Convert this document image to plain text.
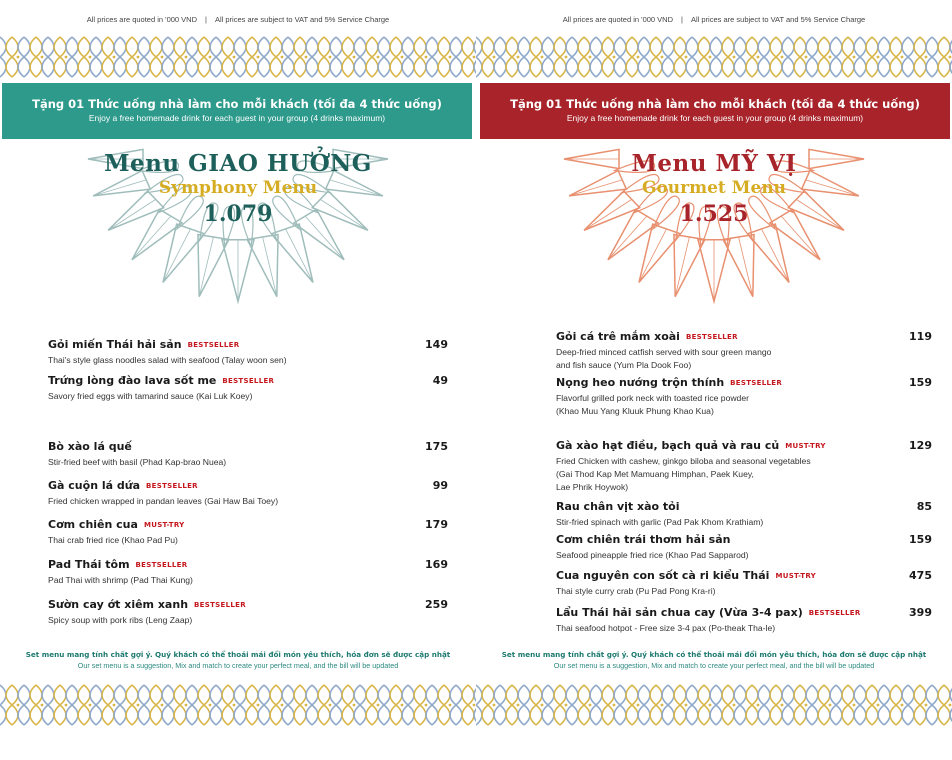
All prices are quoted in '000 VND | All prices are subject to VAT and 5% Service Charge
Tặng 01 Thức uống nhà làm cho mỗi khách (tối đa 4 thức uống)
Enjoy a free homemade drink for each guest in your group (4 drinks maximum)
Menu GIAO HƯỞNG
Symphony Menu
1.079
Gỏi miến Thái hải sản BESTSELLER
Thai's style glass noodles salad with seafood (Talay woon sen)
149
Trứng lòng đào lava sốt me BESTSELLER
Savory fried eggs with tamarind sauce (Kai Luk Koey)
49
Bò xào lá quế
Stir-fried beef with basil (Phad Kap-brao Nuea)
175
Gà cuộn lá dứa BESTSELLER
Fried chicken wrapped in pandan leaves (Gai Haw Bai Toey)
99
Cơm chiên cua MUST-TRY
Thai crab fried rice (Khao Pad Pu)
179
Pad Thái tôm BESTSELLER
Pad Thai with shrimp (Pad Thai Kung)
169
Sườn cay ớt xiêm xanh BESTSELLER
Spicy soup with pork ribs (Leng Zaap)
259
Set menu mang tính chất gợi ý. Quý khách có thể thoải mái đổi món yêu thích, hóa đơn sẽ được cập nhật
Our set menu is a suggestion, Mix and match to create your perfect meal, and the bill will be updated
All prices are quoted in '000 VND | All prices are subject to VAT and 5% Service Charge
Tặng 01 Thức uống nhà làm cho mỗi khách (tối đa 4 thức uống)
Enjoy a free homemade drink for each guest in your group (4 drinks maximum)
Menu MỸ VỊ
Gourmet Menu
1.525
Gỏi cá trê mắm xoài BESTSELLER
Deep-fried minced catfish served with sour green mango
and fish sauce (Yum Pla Dook Foo)
119
Nọng heo nướng trộn thính BESTSELLER
Flavorful grilled pork neck with toasted rice powder
(Khao Muu Yang Kluuk Phung Khao Kua)
159
Gà xào hạt điều, bạch quả và rau củ MUST-TRY
Fried Chicken with cashew, ginkgo biloba and seasonal vegetables
(Gai Thod Kap Met Mamuang Himphan, Paek Kuey,
Lae Phrik Hoywok)
129
Rau chân vịt xào tỏi
Stir-fried spinach with garlic (Pad Pak Khom Krathiam)
85
Cơm chiên trái thơm hải sản
Seafood pineapple fried rice (Khao Pad Sapparod)
159
Cua nguyên con sốt cà ri kiểu Thái MUST-TRY
Thai style curry crab (Pu Pad Pong Kra-ri)
475
Lẩu Thái hải sản chua cay (Vừa 3-4 pax) BESTSELLER
Thai seafood hotpot - Free size 3-4 pax (Po-theak Tha-le)
399
Set menu mang tính chất gợi ý. Quý khách có thể thoải mái đổi món yêu thích, hóa đơn sẽ được cập nhật
Our set menu is a suggestion, Mix and match to create your perfect meal, and the bill will be updated
